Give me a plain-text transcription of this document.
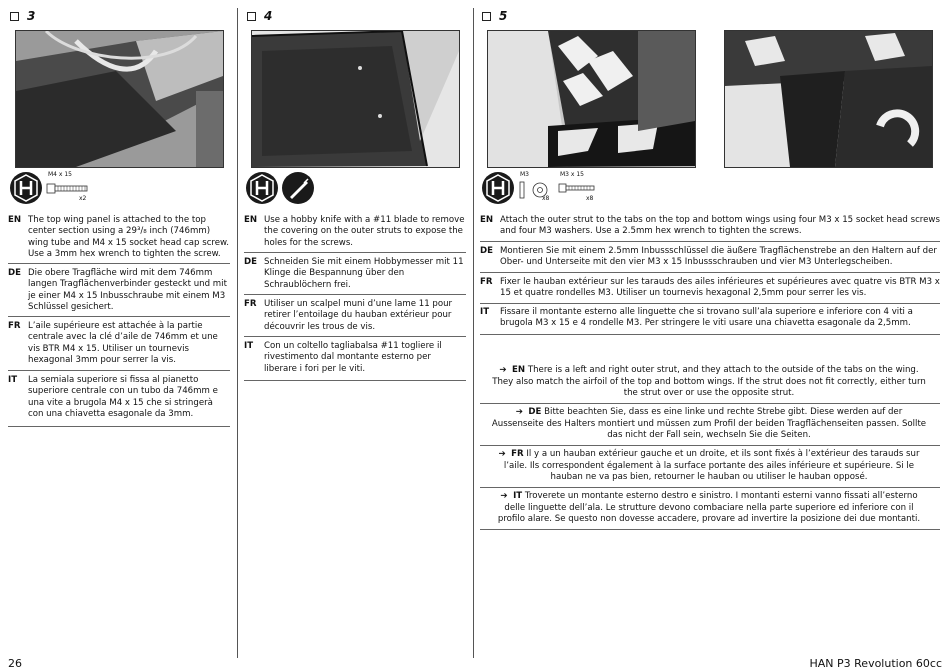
3
M4 x 15
x2
EN The top wing panel is attached to the top center section using a 29³/₈ inch (746mm) wing tube and M4 x 15 socket head cap screw. Use a 3mm hex wrench to tighten the screw.
DE Die obere Tragfläche wird mit dem 746mm langen Tragflächenverbinder gesteckt und mit je einer M4 x 15 Inbusschraube mit einem M3 Schlüssel gesichert.
FR L’aile supérieure est attachée à la partie centrale avec la clé d’aile de 746mm et une vis BTR M4 x 15. Utiliser un tournevis hexagonal 3mm pour serrer la vis.
IT La semiala superiore si fissa al pianetto superiore centrale con un tubo da 746mm e una vite a brugola M4 x 15 che si stringerà con una chiavetta esagonale da 3mm.
4
EN Use a hobby knife with a #11 blade to remove the covering on the outer struts to expose the holes for the screws.
DE Schneiden Sie mit einem Hobbymesser mit 11 Klinge die Bespannung über den Schraublöchern frei.
FR Utiliser un scalpel muni d’une lame 11 pour retirer l’entoilage du hauban extérieur pour découvrir les trous de vis.
IT Con un coltello tagliabalsa #11 togliere il rivestimento dal montante esterno per liberare i fori per le viti.
5
M3
x8
M3 x 15
x8
EN Attach the outer strut to the tabs on the top and bottom wings using four M3 x 15 socket head screws and four M3 washers. Use a 2.5mm hex wrench to tighten the screws.
DE Montieren Sie mit einem 2.5mm Inbussschlüssel die äußere Tragflächenstrebe an den Haltern auf der Ober- und Unterseite mit den vier M3 x 15 Inbussschrauben und vier M3 Unterlegscheiben.
FR Fixer le hauban extérieur sur les tarauds des ailes inférieures et supérieures avec quatre vis BTR M3 x 15 et quatre rondelles M3. Utiliser un tournevis hexagonal 2,5mm pour serrer les vis.
IT Fissare il montante esterno alle linguette che si trovano sull’ala superiore e inferiore con 4 viti a brugola M3 x 15 e 4 rondelle M3. Per stringere le viti usare una chiavetta esagonale da 2,5mm.
➔ EN There is a left and right outer strut, and they attach to the outside of the tabs on the wing. They also match the airfoil of the top and bottom wings. If the strut does not fit correctly, either turn the strut over or use the opposite strut.
➔ DE Bitte beachten Sie, dass es eine linke und rechte Strebe gibt. Diese werden auf der Aussenseite des Halters montiert und müssen zum Profil der beiden Tragflächenseiten passen. Sollte das nicht der Fall sein, wechseln Sie die Seiten.
➔ FR Il y a un hauban extérieur gauche et un droite, et ils sont fixés à l’extérieur des tarauds sur l’aile. Ils correspondent également à la surface portante des ailes inférieure et supérieure. Si le hauban ne va pas bien, retourner le hauban ou utiliser le hauban opposé.
➔ IT Troverete un montante esterno destro e sinistro. I montanti esterni vanno fissati all’esterno delle linguette dell’ala. Le strutture devono combaciare nella parte superiore ed inferiore con il profilo alare. Se questo non dovesse accadere, provare ad invertire la posizione dei due montanti.
26	HAN P3 Revolution 60cc
